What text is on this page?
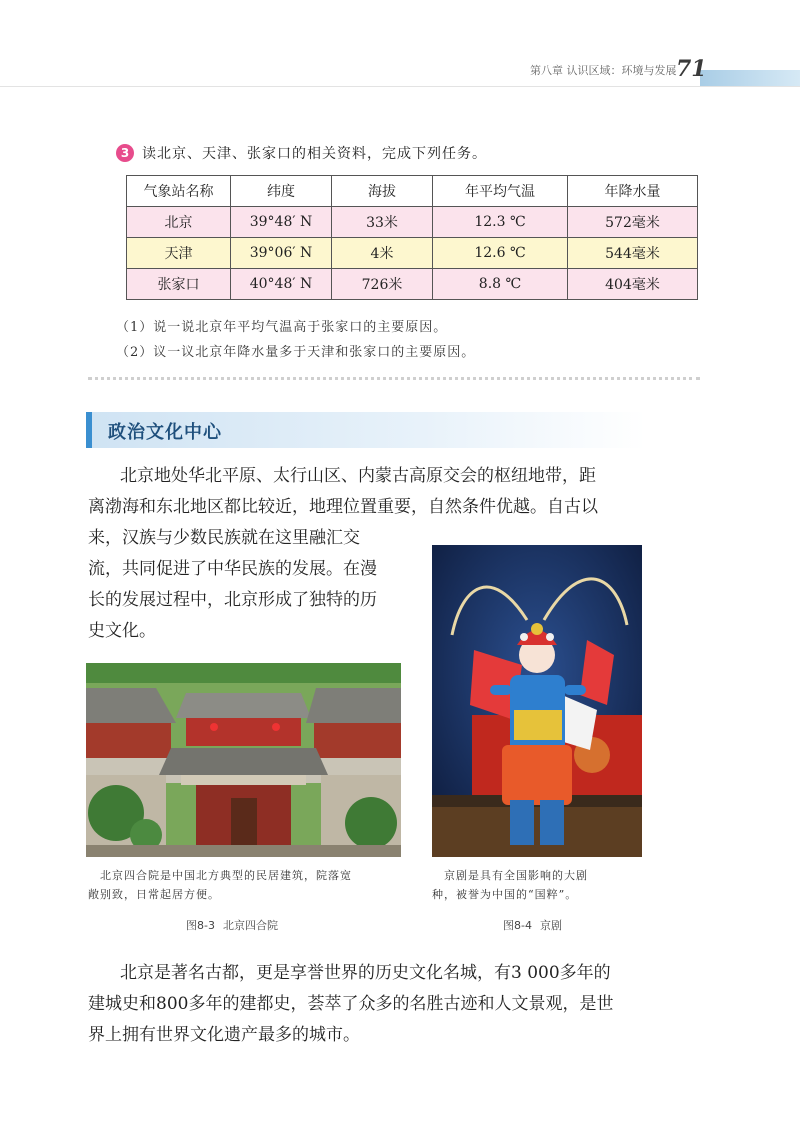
第八章 认识区域：环境与发展 71
3 读北京、天津、张家口的相关资料，完成下列任务。
气象站名称	纬度	海拔	年平均气温	年降水量
北京	39°48′ N	33米	12.3 ℃	572毫米
天津	39°06′ N	4米	12.6 ℃	544毫米
张家口	40°48′ N	726米	8.8 ℃	404毫米
（1）说一说北京年平均气温高于张家口的主要原因。
（2）议一议北京年降水量多于天津和张家口的主要原因。
政治文化中心
北京地处华北平原、太行山区、内蒙古高原交会的枢纽地带，距
离渤海和东北地区都比较近，地理位置重要，自然条件优越。自古以
来，汉族与少数民族就在这里融汇交
流，共同促进了中华民族的发展。在漫
长的发展过程中，北京形成了独特的历
史文化。
北京四合院是中国北方典型的民居建筑，院落宽
敞别致，日常起居方便。
京剧是具有全国影响的大剧
种，被誉为中国的“国粹”。
图8-3 北京四合院	图8-4 京剧
北京是著名古都，更是享誉世界的历史文化名城，有3 000多年的
建城史和800多年的建都史，荟萃了众多的名胜古迹和人文景观，是世
界上拥有世界文化遗产最多的城市。
